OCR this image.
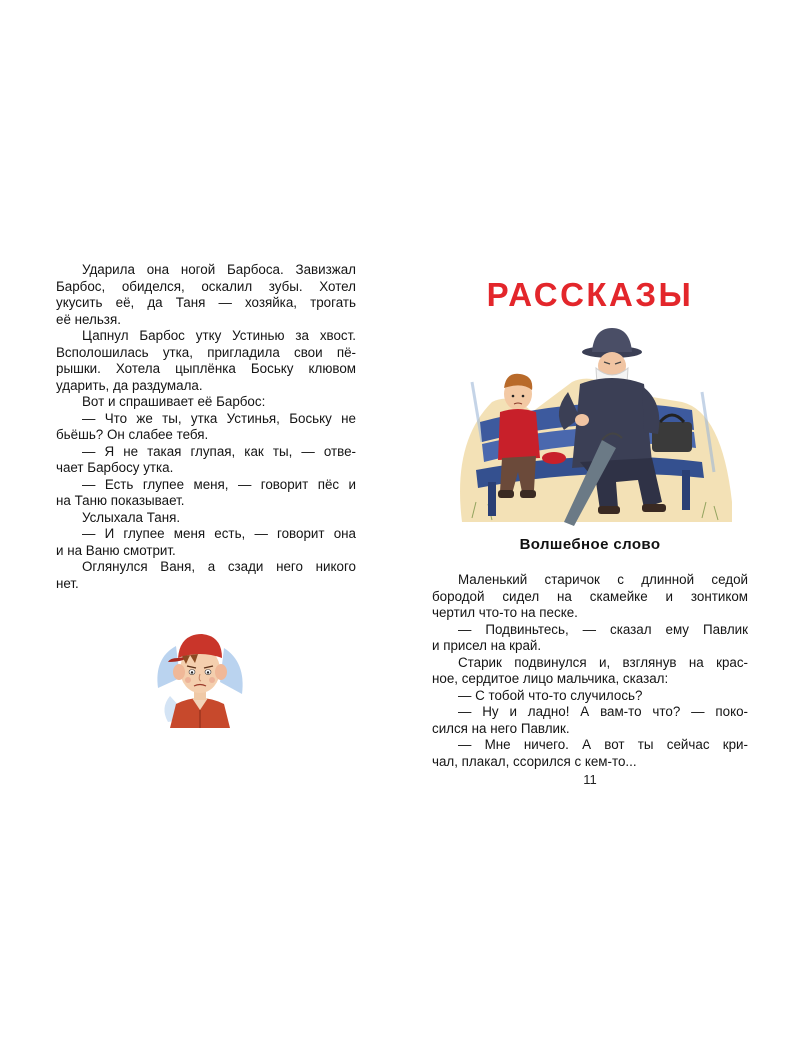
Ударила она ногой Барбоса. Завизжал
Барбос, обиделся, оскалил зубы. Хотел
укусить её, да Таня — хозяйка, трогать
её нельзя.

Цапнул Барбос утку Устинью за хвост.
Всполошилась утка, пригладила свои пё-
рышки. Хотела цыплёнка Боську клювом
ударить, да раздумала.

Вот и спрашивает её Барбос:

— Что же ты, утка Устинья, Боську не
бьёшь? Он слабее тебя.

— Я не такая глупая, как ты, — отве-
чает Барбосу утка.

— Есть глупее меня, — говорит пёс и
на Таню показывает.

Услыхала Таня.

— И глупее меня есть, — говорит она
и на Ваню смотрит.

Оглянулся Ваня, а сзади него никого
нет.

РАССКАЗЫ
Волшебное слово

Маленький старичок с длинной седой
бородой сидел на скамейке и зонтиком
чертил что-то на песке.

— Подвиньтесь, — сказал ему Павлик
и присел на край.

Старик подвинулся и, взглянув на крас-
ное, сердитое лицо мальчика, сказал:

— С тобой что-то случилось?

— Ну и ладно! А вам-то что? — поко-
сился на него Павлик.

— Мне ничего. А вот ты сейчас кри-
чал, плакал, ссорился с кем-то...

11
